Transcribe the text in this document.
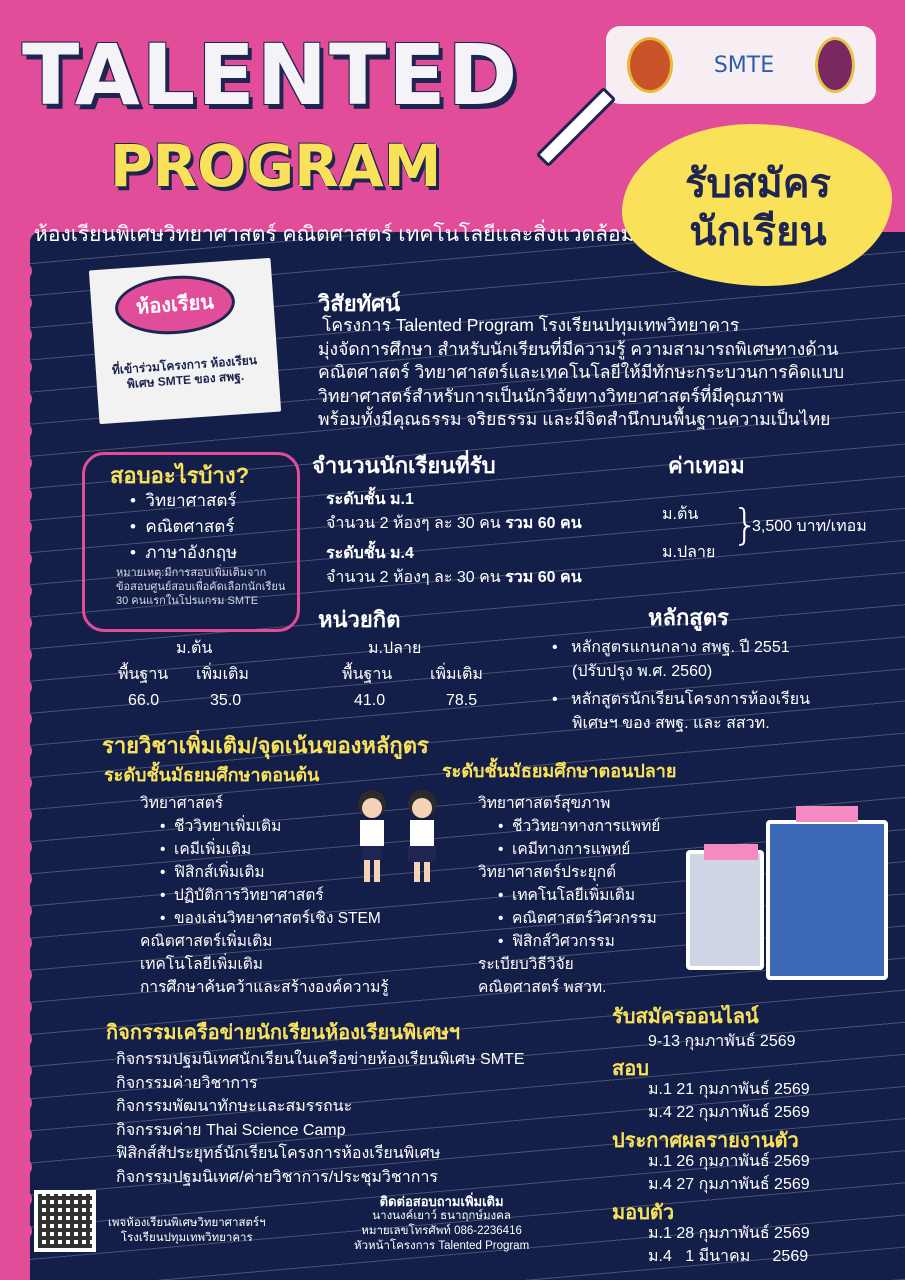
TALENTED
PROGRAM
ห้องเรียนพิเศษวิทยาศาสตร์ คณิตศาสตร์ เทคโนโลยีและสิ่งแวดล้อม
SMTE
รับสมัคร
นักเรียน
ห้องเรียน
ที่เข้าร่วมโครงการ ห้องเรียนพิเศษ SMTE ของ สพฐ.
วิสัยทัศน์
โครงการ Talented Program โรงเรียนปทุมเทพวิทยาคาร
มุ่งจัดการศึกษา สำหรับนักเรียนที่มีความรู้ ความสามารถพิเศษทางด้าน
คณิตศาสตร์ วิทยาศาสตร์และเทคโนโลยีให้มีทักษะกระบวนการคิดแบบ
วิทยาศาสตร์สำหรับการเป็นนักวิจัยทางวิทยาศาสตร์ที่มีคุณภาพ
พร้อมทั้งมีคุณธรรม จริยธรรม และมีจิตสำนึกบนพื้นฐานความเป็นไทย
สอบอะไรบ้าง?
•  วิทยาศาสตร์
•  คณิตศาสตร์
•  ภาษาอังกฤษ
หมายเหตุ:มีการสอบเพิ่มเติมจากข้อสอบศูนย์สอบเพื่อคัดเลือกนักเรียน 30 คนแรกในโปรแกรม SMTE
จำนวนนักเรียนที่รับ
ระดับชั้น ม.1
จำนวน 2 ห้องๆ ละ 30 คน รวม 60 คน
ระดับชั้น ม.4
จำนวน 2 ห้องๆ ละ 30 คน รวม 60 คน
ค่าเทอม
ม.ต้น
ม.ปลาย
}
3,500 บาท/เทอม
หน่วยกิต
ม.ต้น
พื้นฐาน เพิ่มเติม
66.0	35.0
ม.ปลาย
พื้นฐาน เพิ่มเติม
41.0	78.5
หลักสูตร
•   หลักสูตรแกนกลาง สพฐ. ปี 2551
(ปรับปรุง พ.ศ. 2560)
•   หลักสูตรนักเรียนโครงการห้องเรียน
พิเศษฯ ของ สพฐ. และ สสวท.
รายวิชาเพิ่มเติม/จุดเน้นของหลักูตร
ระดับชั้นมัธยมศึกษาตอนต้น	ระดับชั้นมัธยมศึกษาตอนปลาย
วิทยาศาสตร์
•  ชีววิทยาเพิ่มเติม
•  เคมีเพิ่มเติม
•  ฟิสิกส์เพิ่มเติม
•  ปฏิบัติการวิทยาศาสตร์
•  ของเล่นวิทยาศาสตร์เชิง STEM
คณิตศาสตร์เพิ่มเติม
เทคโนโลยีเพิ่มเติม
การศึกษาค้นคว้าและสร้างองค์ความรู้
วิทยาศาสตร์สุขภาพ
•  ชีววิทยาทางการแพทย์
•  เคมีทางการแพทย์
วิทยาศาสตร์ประยุกต์
•  เทคโนโลยีเพิ่มเติม
•  คณิตศาสตร์วิศวกรรม
•  ฟิสิกส์วิศวกรรม
ระเบียบวิธีวิจัย
คณิตศาสตร์ พสวท.
กิจกรรมเครือข่ายนักเรียนห้องเรียนพิเศษฯ
กิจกรรมปฐมนิเทศนักเรียนในเครือข่ายห้องเรียนพิเศษ SMTE
กิจกรรมค่ายวิชาการ
กิจกรรมพัฒนาทักษะและสมรรถนะ
กิจกรรมค่าย Thai Science Camp
ฟิสิกส์สัประยุทธ์นักเรียนโครงการห้องเรียนพิเศษ
กิจกรรมปฐมนิเทศ/ค่ายวิชาการ/ประชุมวิชาการ
รับสมัครออนไลน์
9-13 กุมภาพันธ์ 2569
สอบ
ม.1 21 กุมภาพันธ์ 2569
ม.4 22 กุมภาพันธ์ 2569
ประกาศผลรายงานตัว
ม.1 26 กุมภาพันธ์ 2569
ม.4 27 กุมภาพันธ์ 2569
มอบตัว
ม.1 28 กุมภาพันธ์ 2569
ม.4   1 มีนาคม     2569
เพจห้องเรียนพิเศษวิทยาศาสตร์ฯ
โรงเรียนปทุมเทพวิทยาคาร
ติดต่อสอบถามเพิ่มเติม
นางนงค์เยาว์ ธนาฤกษ์มงคล
หมายเลขโทรศัพท์ 086-2236416
หัวหน้าโครงการ Talented Program
